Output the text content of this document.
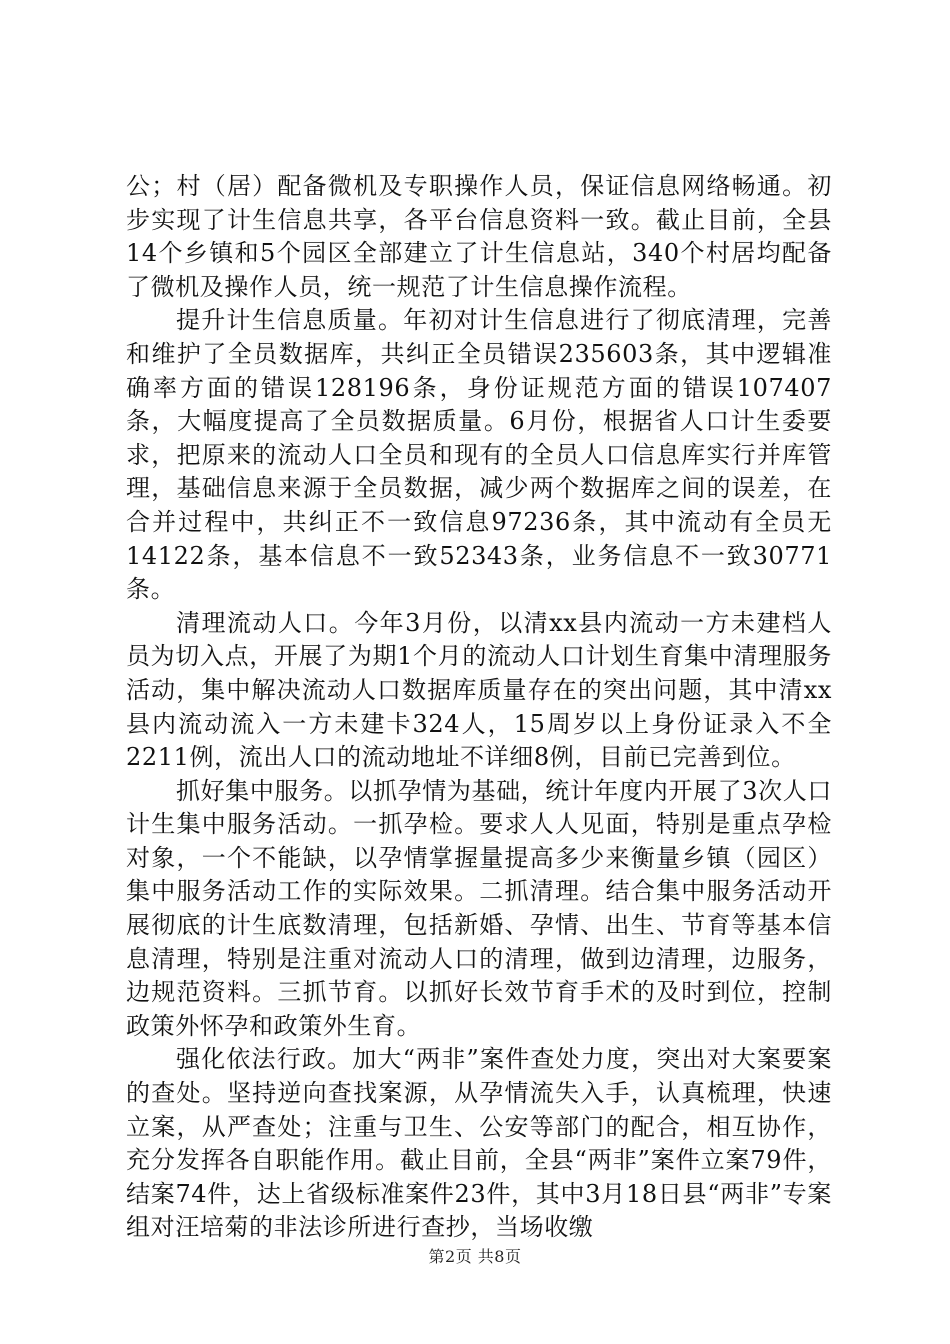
公；村（居）配备微机及专职操作人员，保证信息网络畅通。初步实现了计生信息共享，各平台信息资料一致。截止目前，全县14个乡镇和5个园区全部建立了计生信息站，340个村居均配备了微机及操作人员，统一规范了计生信息操作流程。

提升计生信息质量。年初对计生信息进行了彻底清理，完善和维护了全员数据库，共纠正全员错误235603条，其中逻辑准确率方面的错误128196条，身份证规范方面的错误107407条，大幅度提高了全员数据质量。6月份，根据省人口计生委要求，把原来的流动人口全员和现有的全员人口信息库实行并库管理，基础信息来源于全员数据，减少两个数据库之间的误差，在合并过程中，共纠正不一致信息97236条，其中流动有全员无14122条，基本信息不一致52343条，业务信息不一致30771条。

清理流动人口。今年3月份，以清xx县内流动一方未建档人员为切入点，开展了为期1个月的流动人口计划生育集中清理服务活动，集中解决流动人口数据库质量存在的突出问题，其中清xx县内流动流入一方未建卡324人，15周岁以上身份证录入不全2211例，流出人口的流动地址不详细8例，目前已完善到位。

抓好集中服务。以抓孕情为基础，统计年度内开展了3次人口计生集中服务活动。一抓孕检。要求人人见面，特别是重点孕检对象，一个不能缺，以孕情掌握量提高多少来衡量乡镇（园区）集中服务活动工作的实际效果。二抓清理。结合集中服务活动开展彻底的计生底数清理，包括新婚、孕情、出生、节育等基本信息清理，特别是注重对流动人口的清理，做到边清理，边服务，边规范资料。三抓节育。以抓好长效节育手术的及时到位，控制政策外怀孕和政策外生育。

强化依法行政。加大“两非”案件查处力度，突出对大案要案的查处。坚持逆向查找案源，从孕情流失入手，认真梳理，快速立案，从严查处；注重与卫生、公安等部门的配合，相互协作，充分发挥各自职能作用。截止目前，全县“两非”案件立案79件，结案74件，达上省级标准案件23件，其中3月18日县“两非”专案组对汪培菊的非法诊所进行查抄，当场收缴

第2页 共8页
